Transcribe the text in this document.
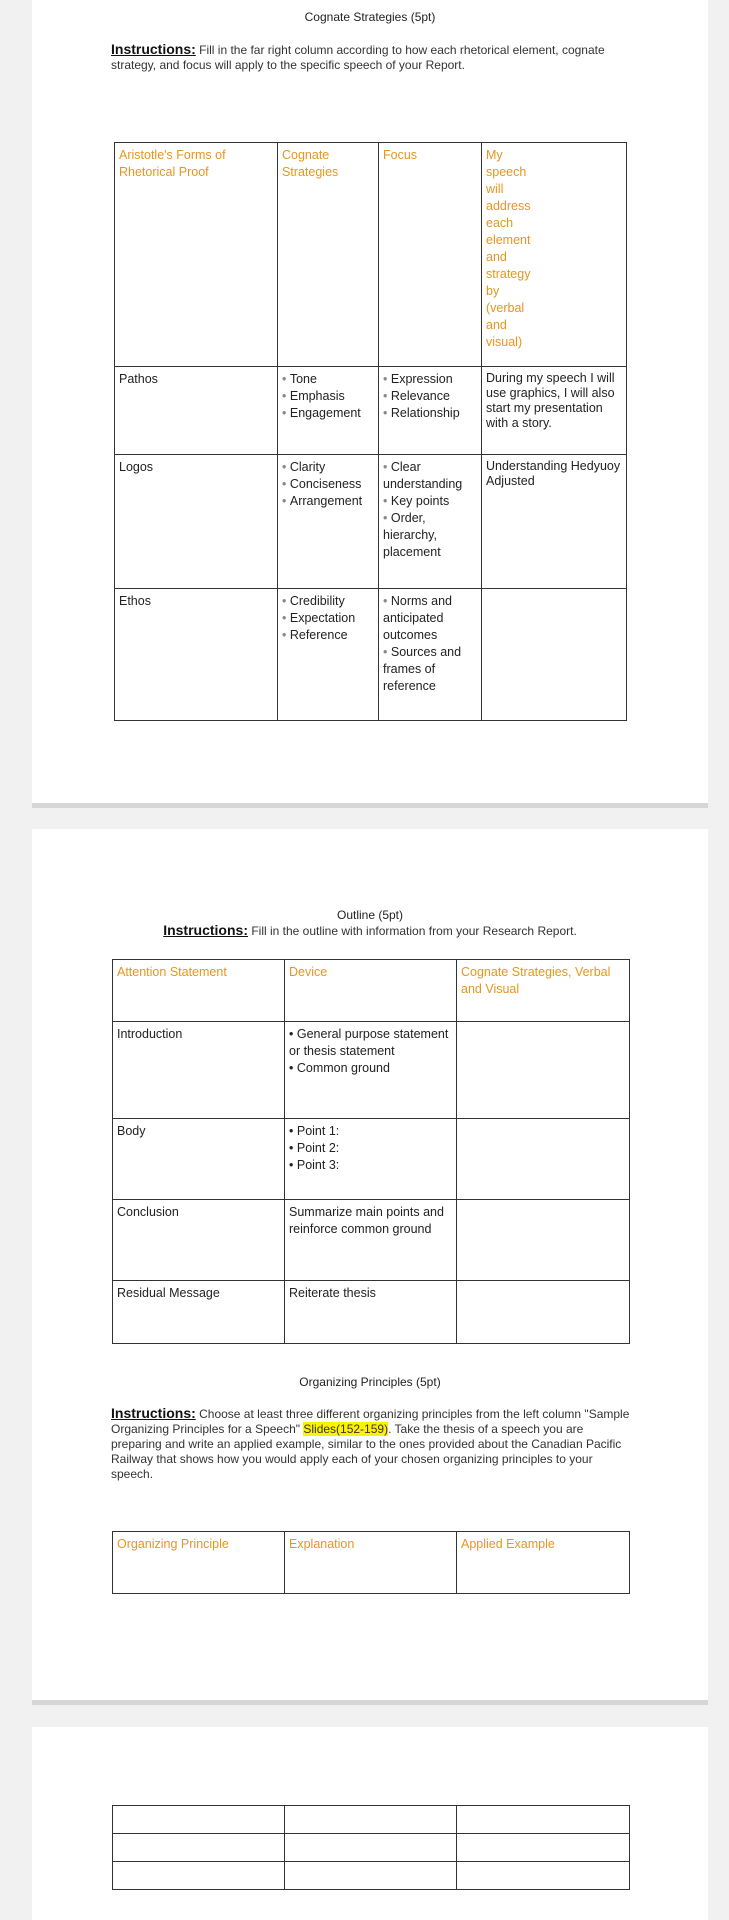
Cognate Strategies (5pt)
Instructions: Fill in the far right column according to how each rhetorical element, cognate strategy, and focus will apply to the specific speech of your Report.
Aristotle's Forms of Rhetorical Proof	Cognate Strategies	Focus	My speech will address each element and strategy by (verbal and visual)
Pathos	• Tone
• Emphasis
• Engagement	• Expression
• Relevance
• Relationship	During my speech I will use graphics, I will also start my presentation with a story.
Logos	• Clarity
• Conciseness
• Arrangement	• Clear understanding
• Key points
• Order, hierarchy, placement	Understanding Hedyuoy Adjusted
Ethos	• Credibility
• Expectation
• Reference	• Norms and anticipated outcomes
• Sources and frames of reference

Outline (5pt)
Instructions: Fill in the outline with information from your Research Report.
Attention Statement	Device	Cognate Strategies, Verbal and Visual
Introduction	• General purpose statement or thesis statement
• Common ground

Body	• Point 1:
• Point 2:
• Point 3:

Conclusion	Summarize main points and reinforce common ground	
Residual Message	Reiterate thesis	
Organizing Principles (5pt)
Instructions: Choose at least three different organizing principles from the left column "Sample Organizing Principles for a Speech" Slides(152-159). Take the thesis of a speech you are preparing and write an applied example, similar to the ones provided about the Canadian Pacific Railway that shows how you would apply each of your chosen organizing principles to your speech.
Organizing Principle	Explanation	Applied Example
